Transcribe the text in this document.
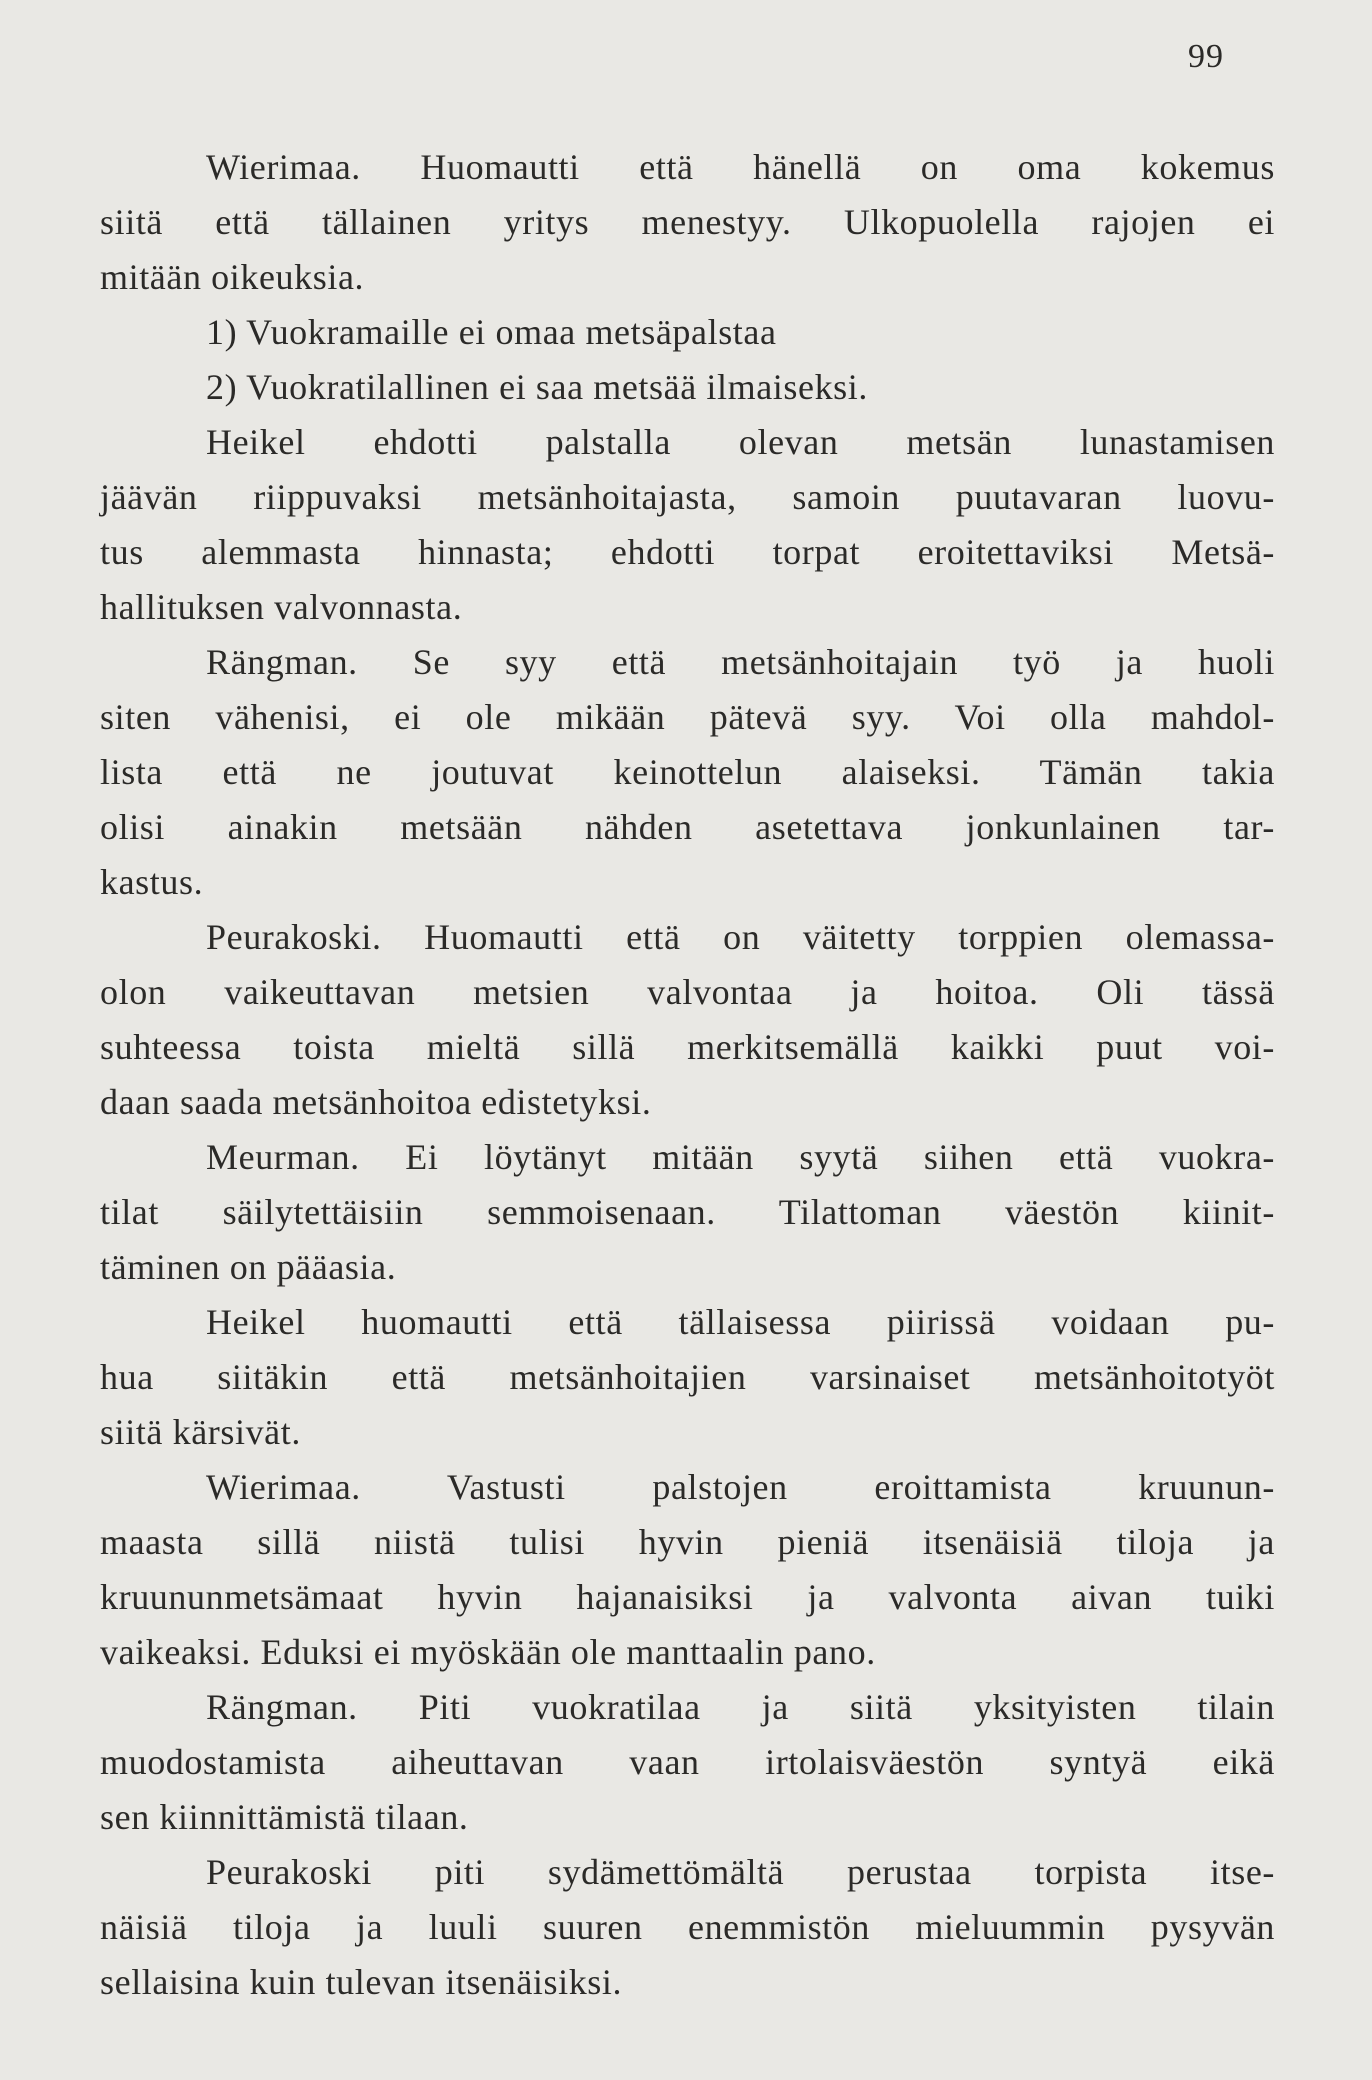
99
Wierimaa. Huomautti että hänellä on oma kokemus
siitä että tällainen yritys menestyy. Ulkopuolella rajojen ei
mitään oikeuksia.
1) Vuokramaille ei omaa metsäpalstaa
2) Vuokratilallinen ei saa metsää ilmaiseksi.
Heikel ehdotti palstalla olevan metsän lunastamisen
jäävän riippuvaksi metsänhoitajasta, samoin puutavaran luovu-
tus alemmasta hinnasta; ehdotti torpat eroitettaviksi Metsä-
hallituksen valvonnasta.
Rängman. Se syy että metsänhoitajain työ ja huoli
siten vähenisi, ei ole mikään pätevä syy. Voi olla mahdol-
lista että ne joutuvat keinottelun alaiseksi. Tämän takia
olisi ainakin metsään nähden asetettava jonkunlainen tar-
kastus.
Peurakoski. Huomautti että on väitetty torppien olemassa-
olon vaikeuttavan metsien valvontaa ja hoitoa. Oli tässä
suhteessa toista mieltä sillä merkitsemällä kaikki puut voi-
daan saada metsänhoitoa edistetyksi.
Meurman. Ei löytänyt mitään syytä siihen että vuokra-
tilat säilytettäisiin semmoisenaan. Tilattoman väestön kiinit-
täminen on pääasia.
Heikel huomautti että tällaisessa piirissä voidaan pu-
hua siitäkin että metsänhoitajien varsinaiset metsänhoitotyöt
siitä kärsivät.
Wierimaa. Vastusti palstojen eroittamista kruunun-
maasta sillä niistä tulisi hyvin pieniä itsenäisiä tiloja ja
kruununmetsämaat hyvin hajanaisiksi ja valvonta aivan tuiki
vaikeaksi. Eduksi ei myöskään ole manttaalin pano.
Rängman. Piti vuokratilaa ja siitä yksityisten tilain
muodostamista aiheuttavan vaan irtolaisväestön syntyä eikä
sen kiinnittämistä tilaan.
Peurakoski piti sydämettömältä perustaa torpista itse-
näisiä tiloja ja luuli suuren enemmistön mieluummin pysyvän
sellaisina kuin tulevan itsenäisiksi.
